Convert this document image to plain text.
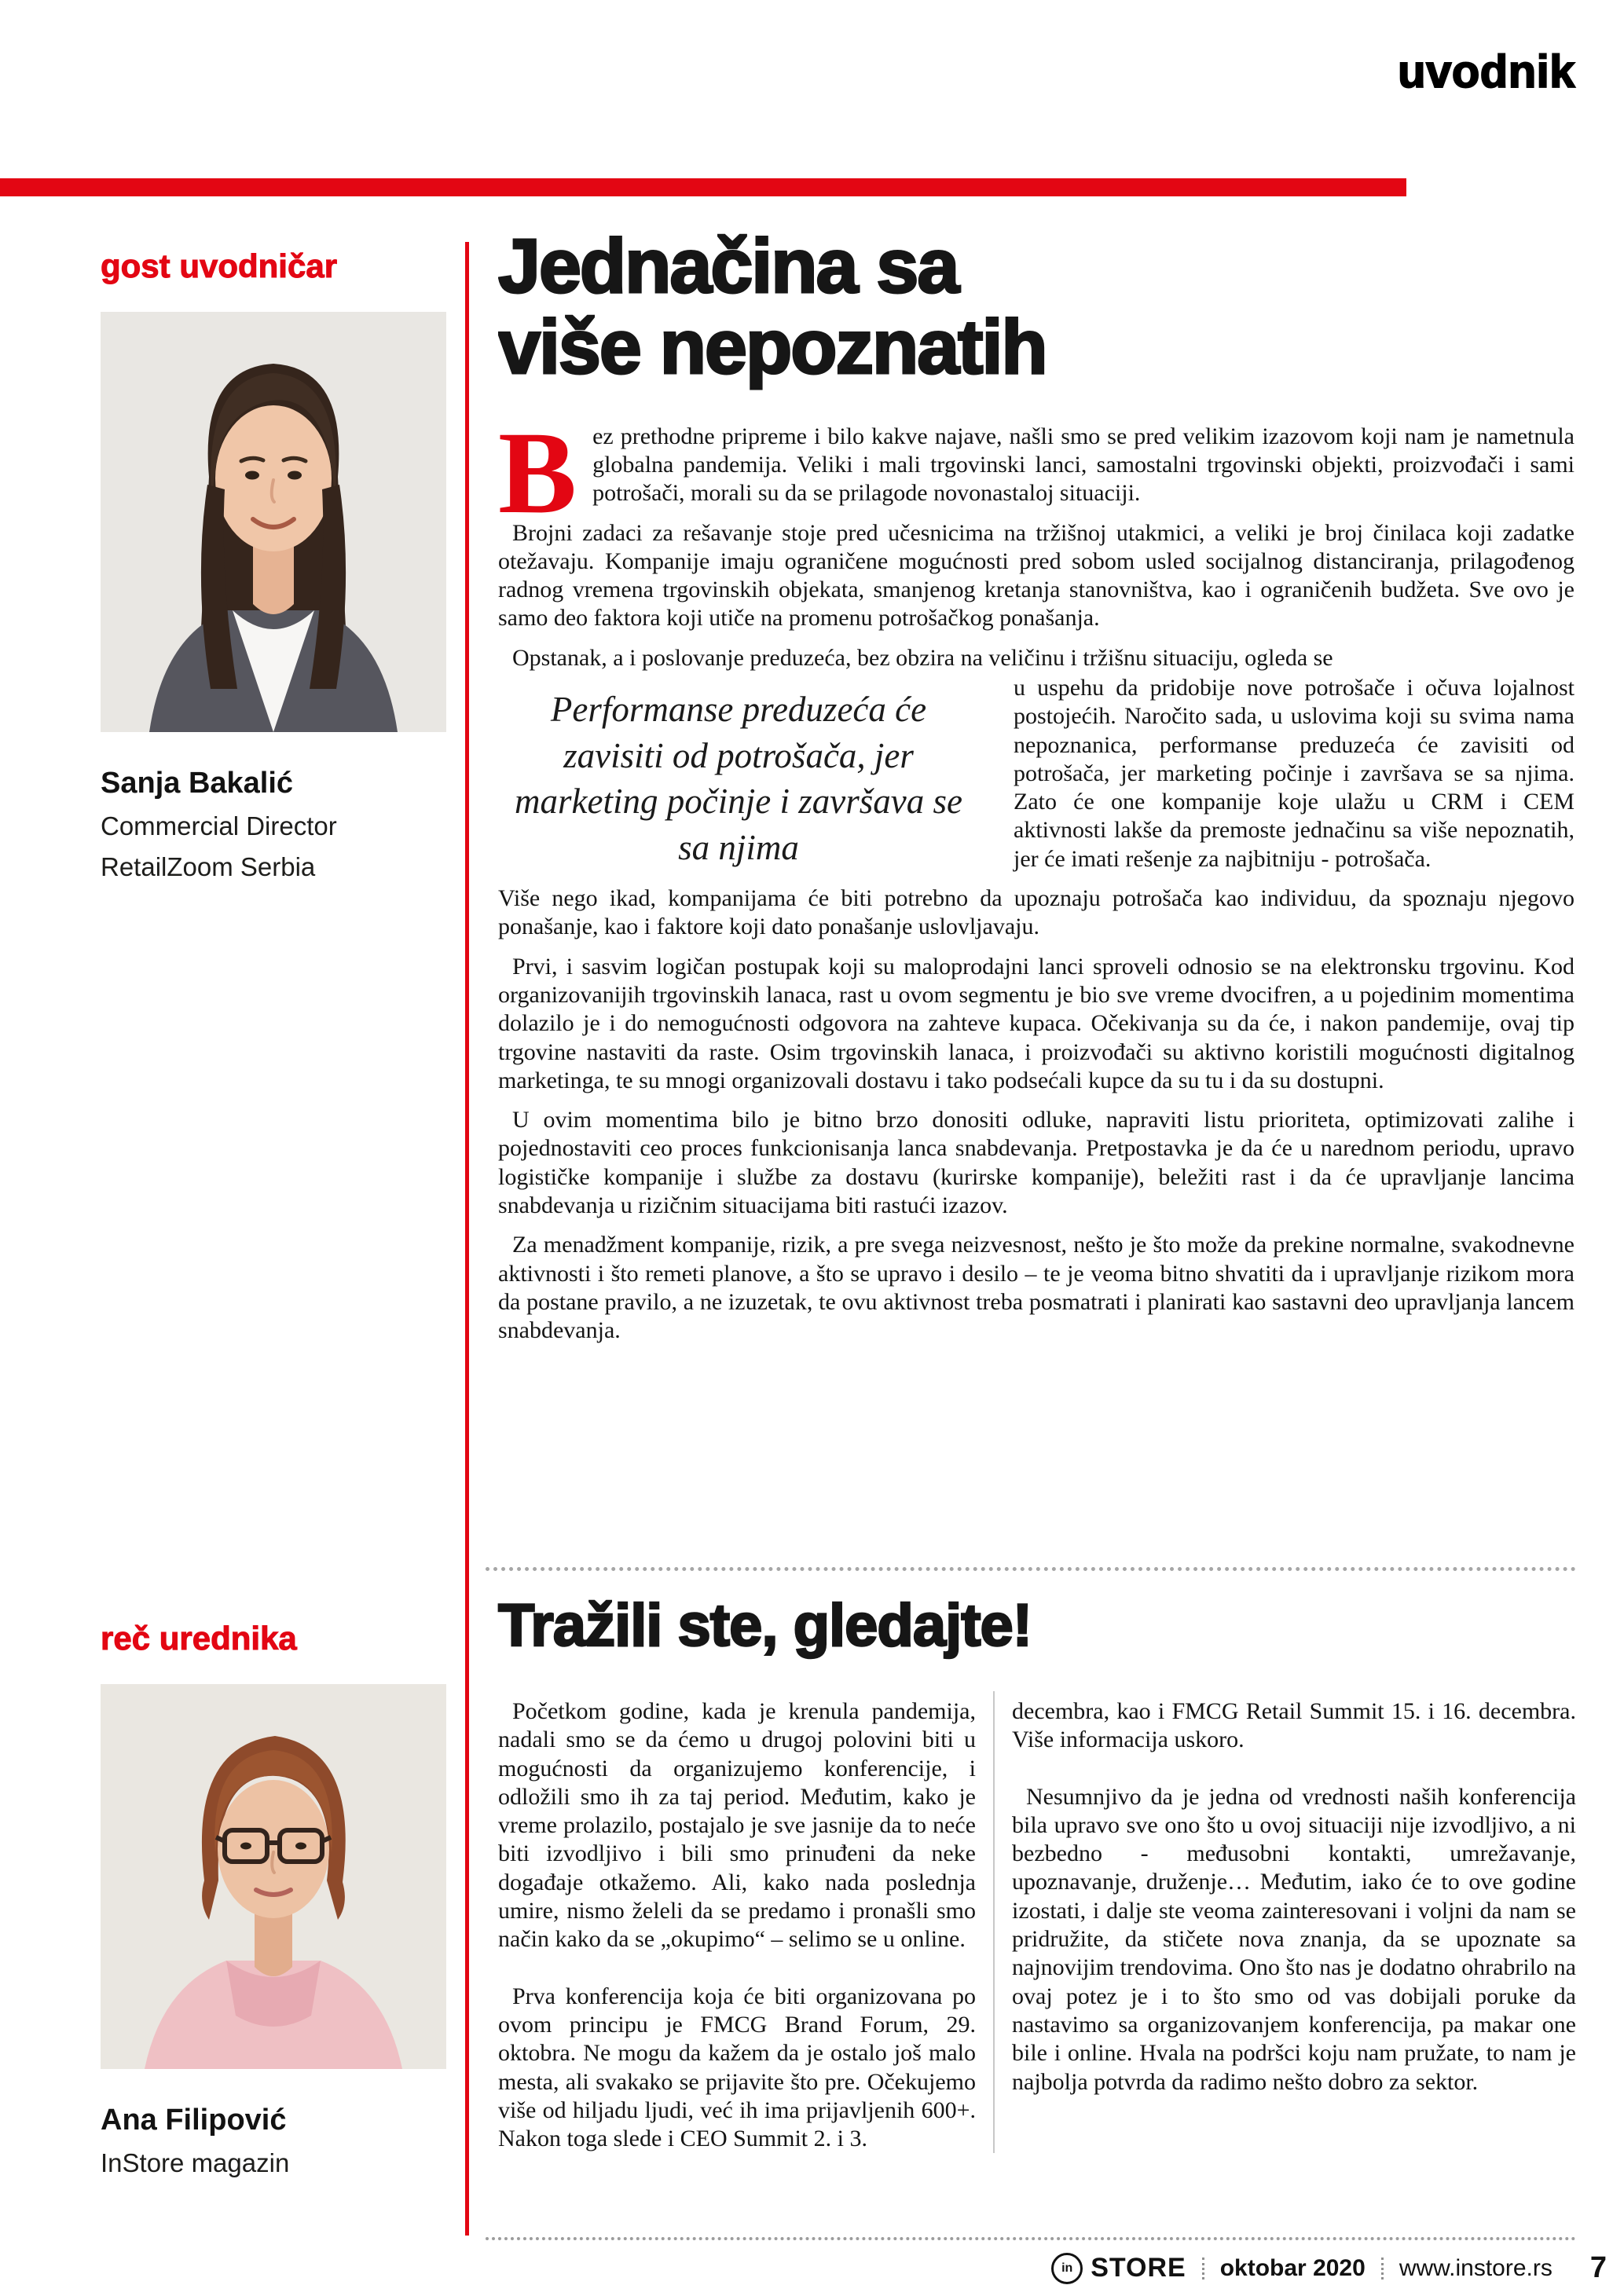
uvodnik
gost uvodničar
Sanja Bakalić
Commercial Director
RetailZoom Serbia
reč urednika
Ana Filipović
InStore magazin
Jednačina sa
više nepoznatih

B ez prethodne pripreme i bilo kakve najave, našli smo se pred velikim izazovom koji nam je nametnula globalna pandemija. Veliki i mali trgovinski lanci, samostalni trgovinski objekti, proizvođači i sami potrošači, morali su da se prilagode novonastaloj situaciji.

Brojni zadaci za rešavanje stoje pred učesnicima na tržišnoj utakmici, a veliki je broj činilaca koji zadatke otežavaju. Kompanije imaju ograničene mogućnosti pred sobom usled socijalnog distanciranja, prilagođenog radnog vremena trgovinskih objekata, smanjenog kretanja stanovništva, kao i ograničenih budžeta. Sve ovo je samo deo faktora koji utiče na promenu potrošačkog ponašanja.

Opstanak, a i poslovanje preduzeća, bez obzira na veličinu i tržišnu situaciju, ogleda se

Performanse preduzeća će zavisiti od potrošača, jer marketing počinje i završava se sa njima

u uspehu da pridobije nove potrošače i očuva lojalnost postojećih. Naročito sada, u uslovima koji su svima nama nepoznanica, performanse preduzeća će zavisiti od potrošača, jer marketing počinje i završava se sa njima. Zato će one kompanije koje ulažu u CRM i CEM aktivnosti lakše da premoste jednačinu sa više nepoznatih, jer će imati rešenje za najbitniju - potrošača.

Više nego ikad, kompanijama će biti potrebno da upoznaju potrošača kao individuu, da spoznaju njegovo ponašanje, kao i faktore koji dato ponašanje uslovljavaju.

Prvi, i sasvim logičan postupak koji su maloprodajni lanci sproveli odnosio se na elektronsku trgovinu. Kod organizovanijih trgovinskih lanaca, rast u ovom segmentu je bio sve vreme dvocifren, a u pojedinim momentima dolazilo je i do nemogućnosti odgovora na zahteve kupaca. Očekivanja su da će, i nakon pandemije, ovaj tip trgovine nastaviti da raste. Osim trgovinskih lanaca, i proizvođači su aktivno koristili mogućnosti digitalnog marketinga, te su mnogi organizovali dostavu i tako podsećali kupce da su tu i da su dostupni.

U ovim momentima bilo je bitno brzo donositi odluke, napraviti listu prioriteta, optimizovati zalihe i pojednostaviti ceo proces funkcionisanja lanca snabdevanja. Pretpostavka je da će u narednom periodu, upravo logističke kompanije i službe za dostavu (kurirske kompanije), beležiti rast i da će upravljanje lancima snabdevanja u rizičnim situacijama biti rastući izazov.

Za menadžment kompanije, rizik, a pre svega neizvesnost, nešto je što može da prekine normalne, svakodnevne aktivnosti i što remeti planove, a što se upravo i desilo – te je veoma bitno shvatiti da i upravljanje rizikom mora da postane pravilo, a ne izuzetak, te ovu aktivnost treba posmatrati i planirati kao sastavni deo upravljanja lancem snabdevanja.

Tražili ste, gledajte!

Početkom godine, kada je krenula pandemija, nadali smo se da ćemo u drugoj polovini biti u mogućnosti da organizujemo konferencije, i odložili smo ih za taj period. Međutim, kako je vreme prolazilo, postajalo je sve jasnije da to neće biti izvodljivo i bili smo prinuđeni da neke događaje otkažemo. Ali, kako nada poslednja umire, nismo želeli da se predamo i pronašli smo način kako da se „okupimo“ – selimo se u online.

Prva konferencija koja će biti organizovana po ovom principu je FMCG Brand Forum, 29. oktobra. Ne mogu da kažem da je ostalo još malo mesta, ali svakako se prijavite što pre. Očekujemo više od hiljadu ljudi, već ih ima prijavljenih 600+. Nakon toga slede i CEO Summit 2. i 3.

decembra, kao i FMCG Retail Summit 15. i 16. decembra. Više informacija uskoro.

Nesumnjivo da je jedna od vrednosti naših konferencija bila upravo sve ono što u ovoj situaciji nije izvodljivo, a ni bezbedno - međusobni kontakti, umrežavanje, upoznavanje, druženje… Međutim, iako će to ove godine izostati, i dalje ste veoma zainteresovani i voljni da nam se pridružite, da stičete nova znanja, da se upoznate sa najnovijim trendovima. Ono što nas je dodatno ohrabrilo na ovaj potez je i to što smo od vas dobijali poruke da nastavimo sa organizovanjem konferencija, pa makar one bile i online. Hvala na podršci koju nam pružate, to nam je najbolja potvrda da radimo nešto dobro za sektor.

in STORE oktobar 2020 www.instore.rs 7
